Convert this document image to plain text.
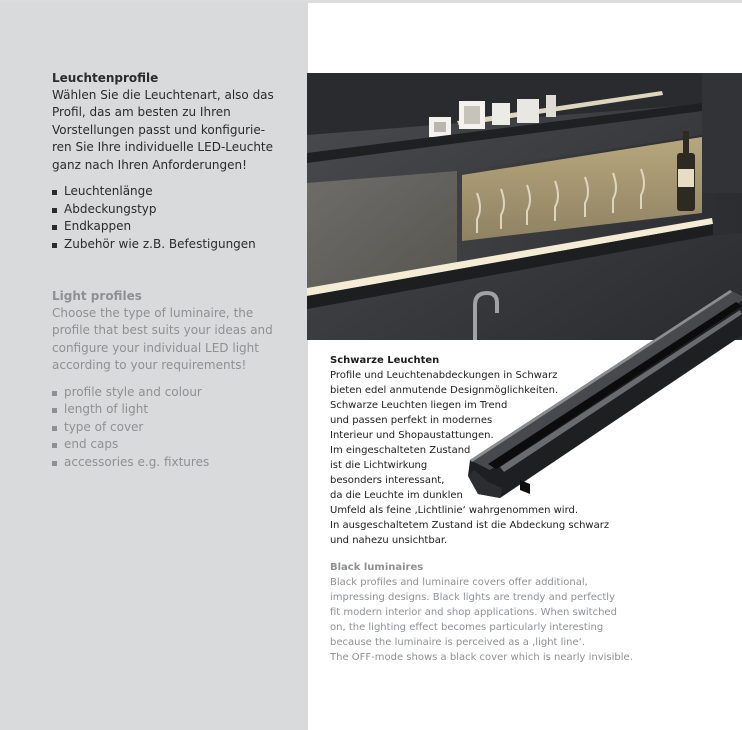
Leuchtenprofile
Wählen Sie die Leuchtenart, also das
Profil, das am besten zu Ihren
Vorstellungen passt und konfigurie-
ren Sie Ihre individuelle LED-Leuchte
ganz nach Ihren Anforderungen!
Leuchtenlänge
Abdeckungstyp
Endkappen
Zubehör wie z.B. Befestigungen
Light profiles
Choose the type of luminaire, the
profile that best suits your ideas and
configure your individual LED light
according to your requirements!
profile style and colour
length of light
type of cover
end caps
accessories e.g. fixtures
Schwarze Leuchten
Profile und Leuchtenabdeckungen in Schwarz
bieten edel anmutende Designmöglichkeiten.
Schwarze Leuchten liegen im Trend
und passen perfekt in modernes
Interieur und Shopaustattungen.
Im eingeschalteten Zustand
ist die Lichtwirkung
besonders interessant,
da die Leuchte im dunklen
Umfeld als feine ‚Lichtlinie‘ wahrgenommen wird.
In ausgeschaltetem Zustand ist die Abdeckung schwarz
und nahezu unsichtbar.
Black luminaires
Black profiles and luminaire covers offer additional,
impressing designs. Black lights are trendy and perfectly
fit modern interior and shop applications. When switched
on, the lighting effect becomes particularly interesting
because the luminaire is perceived as a ‚light line‘.
The OFF-mode shows a black cover which is nearly invisible.
